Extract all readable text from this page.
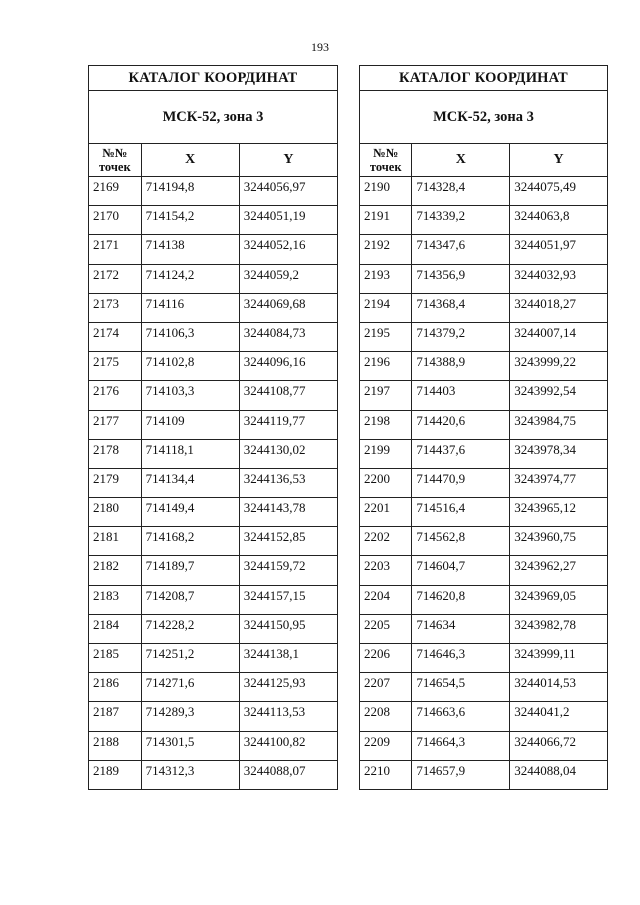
193
КАТАЛОГ КООРДИНАТ		
МСК-52, зона 3		

№№
точек	X	Y
2169	714194,8	3244056,97
2170	714154,2	3244051,19
2171	714138	3244052,16
2172	714124,2	3244059,2
2173	714116	3244069,68
2174	714106,3	3244084,73
2175	714102,8	3244096,16
2176	714103,3	3244108,77
2177	714109	3244119,77
2178	714118,1	3244130,02
2179	714134,4	3244136,53
2180	714149,4	3244143,78
2181	714168,2	3244152,85
2182	714189,7	3244159,72
2183	714208,7	3244157,15
2184	714228,2	3244150,95
2185	714251,2	3244138,1
2186	714271,6	3244125,93
2187	714289,3	3244113,53
2188	714301,5	3244100,82
2189	714312,3	3244088,07
КАТАЛОГ КООРДИНАТ		
МСК-52, зона 3		

№№
точек	X	Y
2190	714328,4	3244075,49
2191	714339,2	3244063,8
2192	714347,6	3244051,97
2193	714356,9	3244032,93
2194	714368,4	3244018,27
2195	714379,2	3244007,14
2196	714388,9	3243999,22
2197	714403	3243992,54
2198	714420,6	3243984,75
2199	714437,6	3243978,34
2200	714470,9	3243974,77
2201	714516,4	3243965,12
2202	714562,8	3243960,75
2203	714604,7	3243962,27
2204	714620,8	3243969,05
2205	714634	3243982,78
2206	714646,3	3243999,11
2207	714654,5	3244014,53
2208	714663,6	3244041,2
2209	714664,3	3244066,72
2210	714657,9	3244088,04
